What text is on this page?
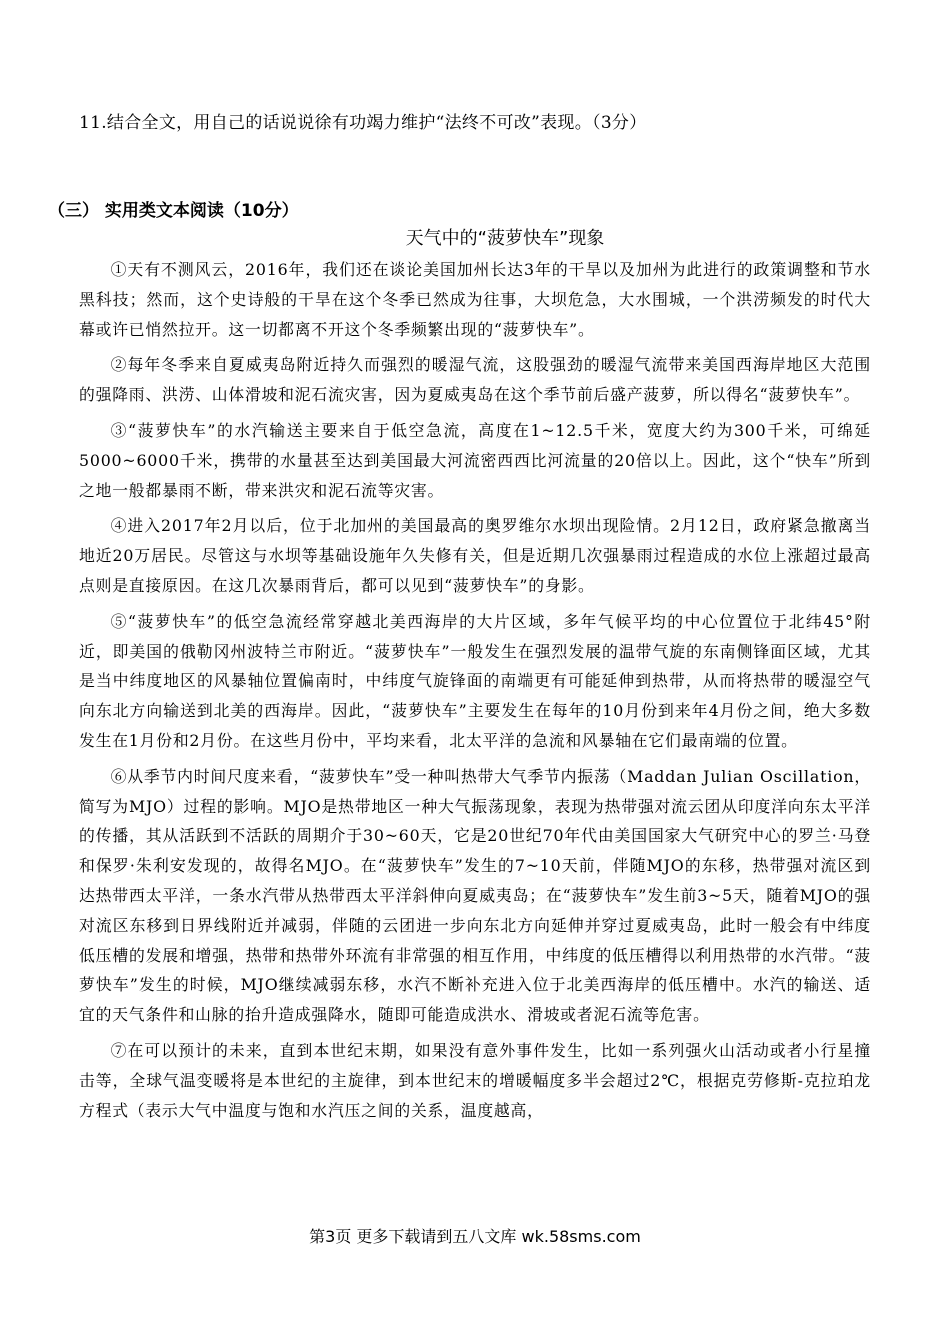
11.结合全文，用自己的话说说徐有功竭力维护“法终不可改”表现。（3分）
（三） 实用类文本阅读（10分）
天气中的“菠萝快车”现象

①天有不测风云，2016年，我们还在谈论美国加州长达3年的干旱以及加州为此进行的政策调整和节水黑科技；然而，这个史诗般的干旱在这个冬季已然成为往事，大坝危急，大水围城，一个洪涝频发的时代大幕或许已悄然拉开。这一切都离不开这个冬季频繁出现的“菠萝快车”。

②每年冬季来自夏威夷岛附近持久而强烈的暖湿气流，这股强劲的暖湿气流带来美国西海岸地区大范围的强降雨、洪涝、山体滑坡和泥石流灾害，因为夏威夷岛在这个季节前后盛产菠萝，所以得名“菠萝快车”。

③“菠萝快车”的水汽输送主要来自于低空急流，高度在1~12.5千米，宽度大约为300千米，可绵延5000~6000千米，携带的水量甚至达到美国最大河流密西西比河流量的20倍以上。因此，这个“快车”所到之地一般都暴雨不断，带来洪灾和泥石流等灾害。

④进入2017年2月以后，位于北加州的美国最高的奥罗维尔水坝出现险情。2月12日，政府紧急撤离当地近20万居民。尽管这与水坝等基础设施年久失修有关，但是近期几次强暴雨过程造成的水位上涨超过最高点则是直接原因。在这几次暴雨背后，都可以见到“菠萝快车”的身影。

⑤“菠萝快车”的低空急流经常穿越北美西海岸的大片区域，多年气候平均的中心位置位于北纬45°附近，即美国的俄勒冈州波特兰市附近。“菠萝快车”一般发生在强烈发展的温带气旋的东南侧锋面区域，尤其是当中纬度地区的风暴轴位置偏南时，中纬度气旋锋面的南端更有可能延伸到热带，从而将热带的暖湿空气向东北方向输送到北美的西海岸。因此，“菠萝快车”主要发生在每年的10月份到来年4月份之间，绝大多数发生在1月份和2月份。在这些月份中，平均来看，北太平洋的急流和风暴轴在它们最南端的位置。

⑥从季节内时间尺度来看，“菠萝快车”受一种叫热带大气季节内振荡（Maddan Julian Oscillation，简写为MJO）过程的影响。MJO是热带地区一种大气振荡现象，表现为热带强对流云团从印度洋向东太平洋的传播，其从活跃到不活跃的周期介于30~60天，它是20世纪70年代由美国国家大气研究中心的罗兰·马登和保罗·朱利安发现的，故得名MJO。在“菠萝快车”发生的7~10天前，伴随MJO的东移，热带强对流区到达热带西太平洋，一条水汽带从热带西太平洋斜伸向夏威夷岛；在“菠萝快车”发生前3~5天，随着MJO的强对流区东移到日界线附近并减弱，伴随的云团进一步向东北方向延伸并穿过夏威夷岛，此时一般会有中纬度低压槽的发展和增强，热带和热带外环流有非常强的相互作用，中纬度的低压槽得以利用热带的水汽带。“菠萝快车”发生的时候，MJO继续减弱东移，水汽不断补充进入位于北美西海岸的低压槽中。水汽的输送、适宜的天气条件和山脉的抬升造成强降水，随即可能造成洪水、滑坡或者泥石流等危害。

⑦在可以预计的未来，直到本世纪末期，如果没有意外事件发生，比如一系列强火山活动或者小行星撞击等，全球气温变暖将是本世纪的主旋律，到本世纪末的增暖幅度多半会超过2℃，根据克劳修斯-克拉珀龙方程式（表示大气中温度与饱和水汽压之间的关系，温度越高，

第3页 更多下载请到五八文库 wk.58sms.com
